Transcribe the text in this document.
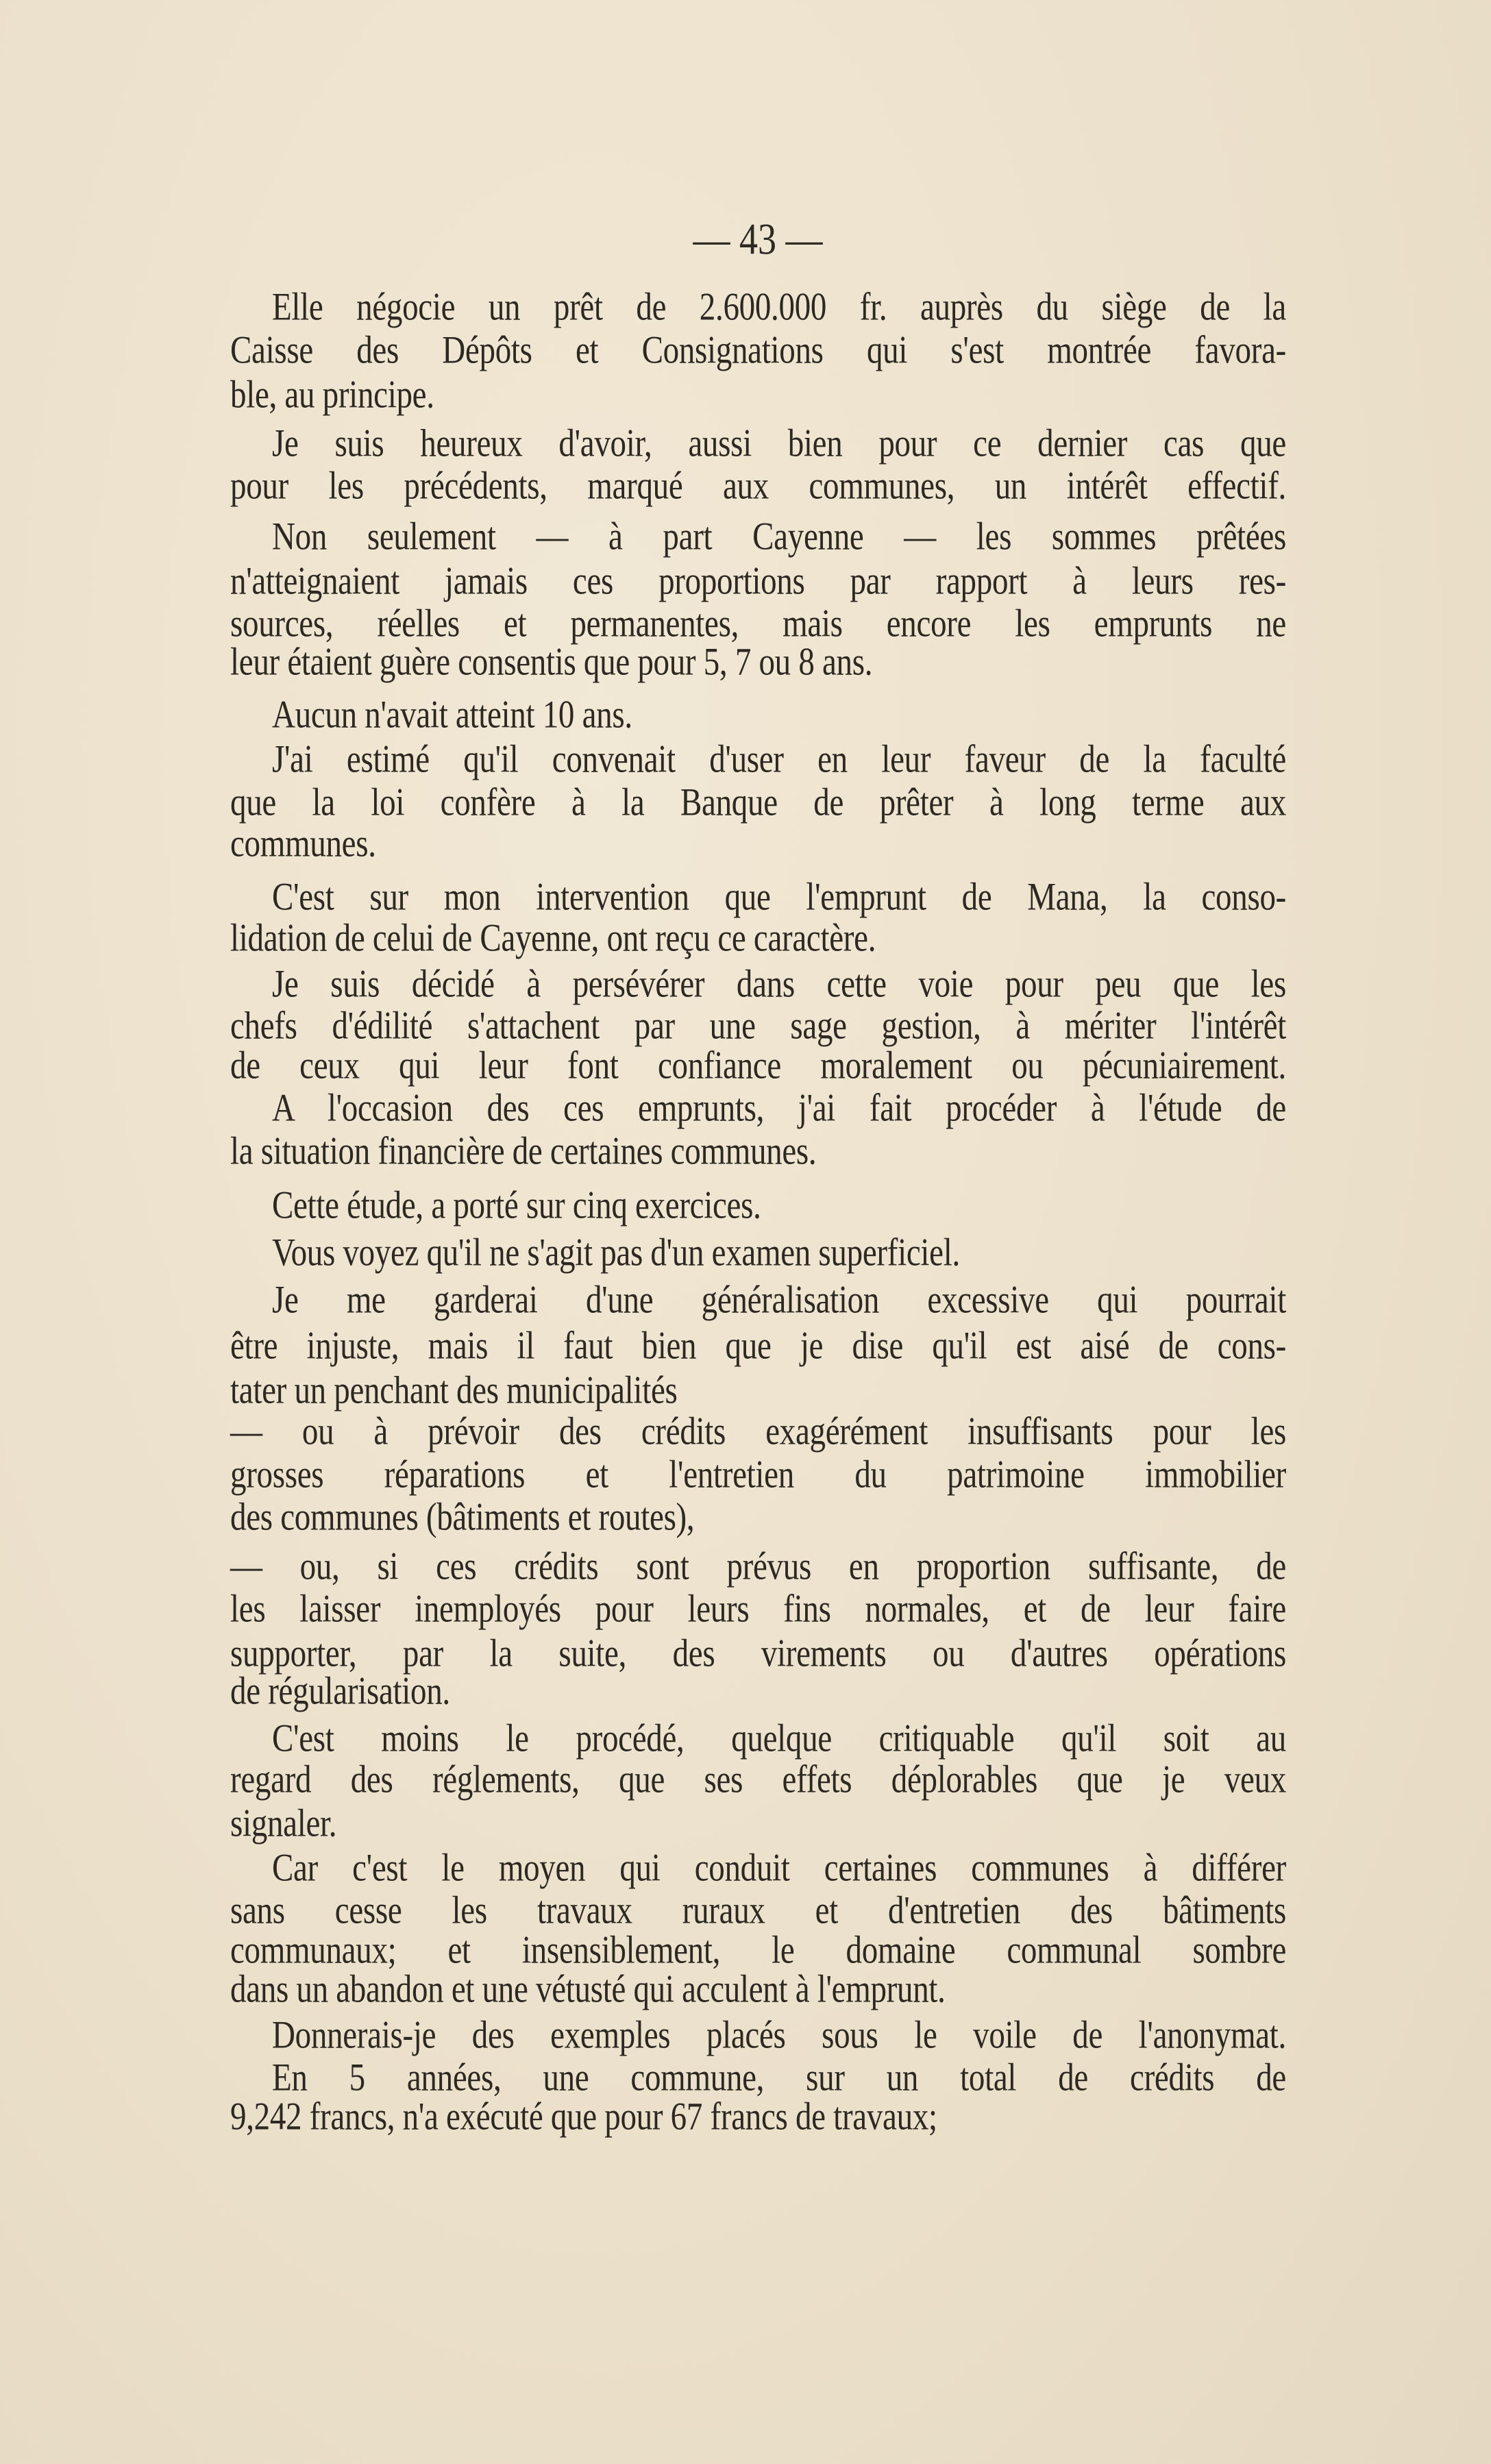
— 43 —
Elle négocie un prêt de 2.600.000 fr. auprès du siège de la
Caisse des Dépôts et Consignations qui s'est montrée favora-
ble, au principe.
Je suis heureux d'avoir, aussi bien pour ce dernier cas que
pour les précédents, marqué aux communes, un intérêt effectif.
Non seulement — à part Cayenne — les sommes prêtées
n'atteignaient jamais ces proportions par rapport à leurs res-
sources, réelles et permanentes, mais encore les emprunts ne
leur étaient guère consentis que pour 5, 7 ou 8 ans.
Aucun n'avait atteint 10 ans.
J'ai estimé qu'il convenait d'user en leur faveur de la faculté
que la loi confère à la Banque de prêter à long terme aux
communes.
C'est sur mon intervention que l'emprunt de Mana, la conso-
lidation de celui de Cayenne, ont reçu ce caractère.
Je suis décidé à persévérer dans cette voie pour peu que les
chefs d'édilité s'attachent par une sage gestion, à mériter l'intérêt
de ceux qui leur font confiance moralement ou pécuniairement.
A l'occasion des ces emprunts, j'ai fait procéder à l'étude de
la situation financière de certaines communes.
Cette étude, a porté sur cinq exercices.
Vous voyez qu'il ne s'agit pas d'un examen superficiel.
Je me garderai d'une généralisation excessive qui pourrait
être injuste, mais il faut bien que je dise qu'il est aisé de cons-
tater un penchant des municipalités
— ou à prévoir des crédits exagérément insuffisants pour les
grosses réparations et l'entretien du patrimoine immobilier
des communes (bâtiments et routes),
— ou, si ces crédits sont prévus en proportion suffisante, de
les laisser inemployés pour leurs fins normales, et de leur faire
supporter, par la suite, des virements ou d'autres opérations
de régularisation.
C'est moins le procédé, quelque critiquable qu'il soit au
regard des réglements, que ses effets déplorables que je veux
signaler.
Car c'est le moyen qui conduit certaines communes à différer
sans cesse les travaux ruraux et d'entretien des bâtiments
communaux; et insensiblement, le domaine communal sombre
dans un abandon et une vétusté qui acculent à l'emprunt.
Donnerais-je des exemples placés sous le voile de l'anonymat.
En 5 années, une commune, sur un total de crédits de
9,242 francs, n'a exécuté que pour 67 francs de travaux;
